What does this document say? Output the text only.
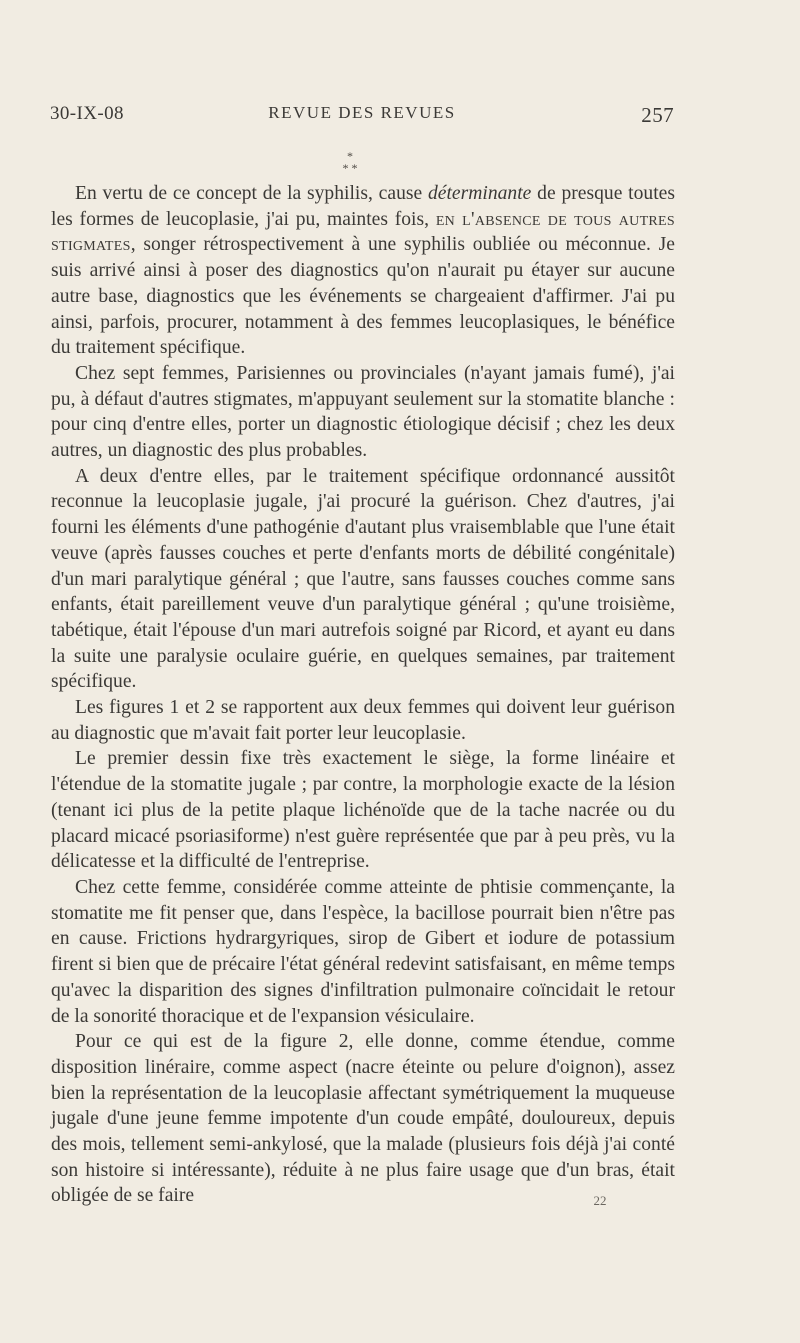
30-IX-08	REVUE DES REVUES	257
*
* *

En vertu de ce concept de la syphilis, cause déterminante de presque toutes les formes de leucoplasie, j'ai pu, maintes fois, en l'absence de tous autres stigmates, songer rétrospectivement à une syphilis oubliée ou méconnue. Je suis arrivé ainsi à poser des diagnostics qu'on n'aurait pu étayer sur aucune autre base, diagnostics que les événements se chargeaient d'affirmer. J'ai pu ainsi, parfois, procurer, notamment à des femmes leucoplasiques, le bénéfice du traitement spécifique.

Chez sept femmes, Parisiennes ou provinciales (n'ayant jamais fumé), j'ai pu, à défaut d'autres stigmates, m'appuyant seulement sur la stomatite blanche : pour cinq d'entre elles, porter un diagnostic étiologique décisif ; chez les deux autres, un diagnostic des plus probables.

A deux d'entre elles, par le traitement spécifique ordonnancé aussitôt reconnue la leucoplasie jugale, j'ai procuré la guérison. Chez d'autres, j'ai fourni les éléments d'une pathogénie d'autant plus vraisemblable que l'une était veuve (après fausses couches et perte d'enfants morts de débilité congénitale) d'un mari paralytique général ; que l'autre, sans fausses couches comme sans enfants, était pareillement veuve d'un paralytique général ; qu'une troisième, tabétique, était l'épouse d'un mari autrefois soigné par Ricord, et ayant eu dans la suite une paralysie oculaire guérie, en quelques semaines, par traitement spécifique.

Les figures 1 et 2 se rapportent aux deux femmes qui doivent leur guérison au diagnostic que m'avait fait porter leur leucoplasie.

Le premier dessin fixe très exactement le siège, la forme linéaire et l'étendue de la stomatite jugale ; par contre, la morphologie exacte de la lésion (tenant ici plus de la petite plaque lichénoïde que de la tache nacrée ou du placard micacé psoriasiforme) n'est guère représentée que par à peu près, vu la délicatesse et la difficulté de l'entreprise.

Chez cette femme, considérée comme atteinte de phtisie commençante, la stomatite me fit penser que, dans l'espèce, la bacillose pourrait bien n'être pas en cause. Frictions hydrargyriques, sirop de Gibert et iodure de potassium firent si bien que de précaire l'état général redevint satisfaisant, en même temps qu'avec la disparition des signes d'infiltration pulmonaire coïncidait le retour de la sonorité thoracique et de l'expansion vésiculaire.

Pour ce qui est de la figure 2, elle donne, comme étendue, comme disposition linéraire, comme aspect (nacre éteinte ou pelure d'oignon), assez bien la représentation de la leucoplasie affectant symétriquement la muqueuse jugale d'une jeune femme impotente d'un coude empâté, douloureux, depuis des mois, tellement semi-ankylosé, que la malade (plusieurs fois déjà j'ai conté son histoire si intéressante), réduite à ne plus faire usage que d'un bras, était obligée de se faire	22
